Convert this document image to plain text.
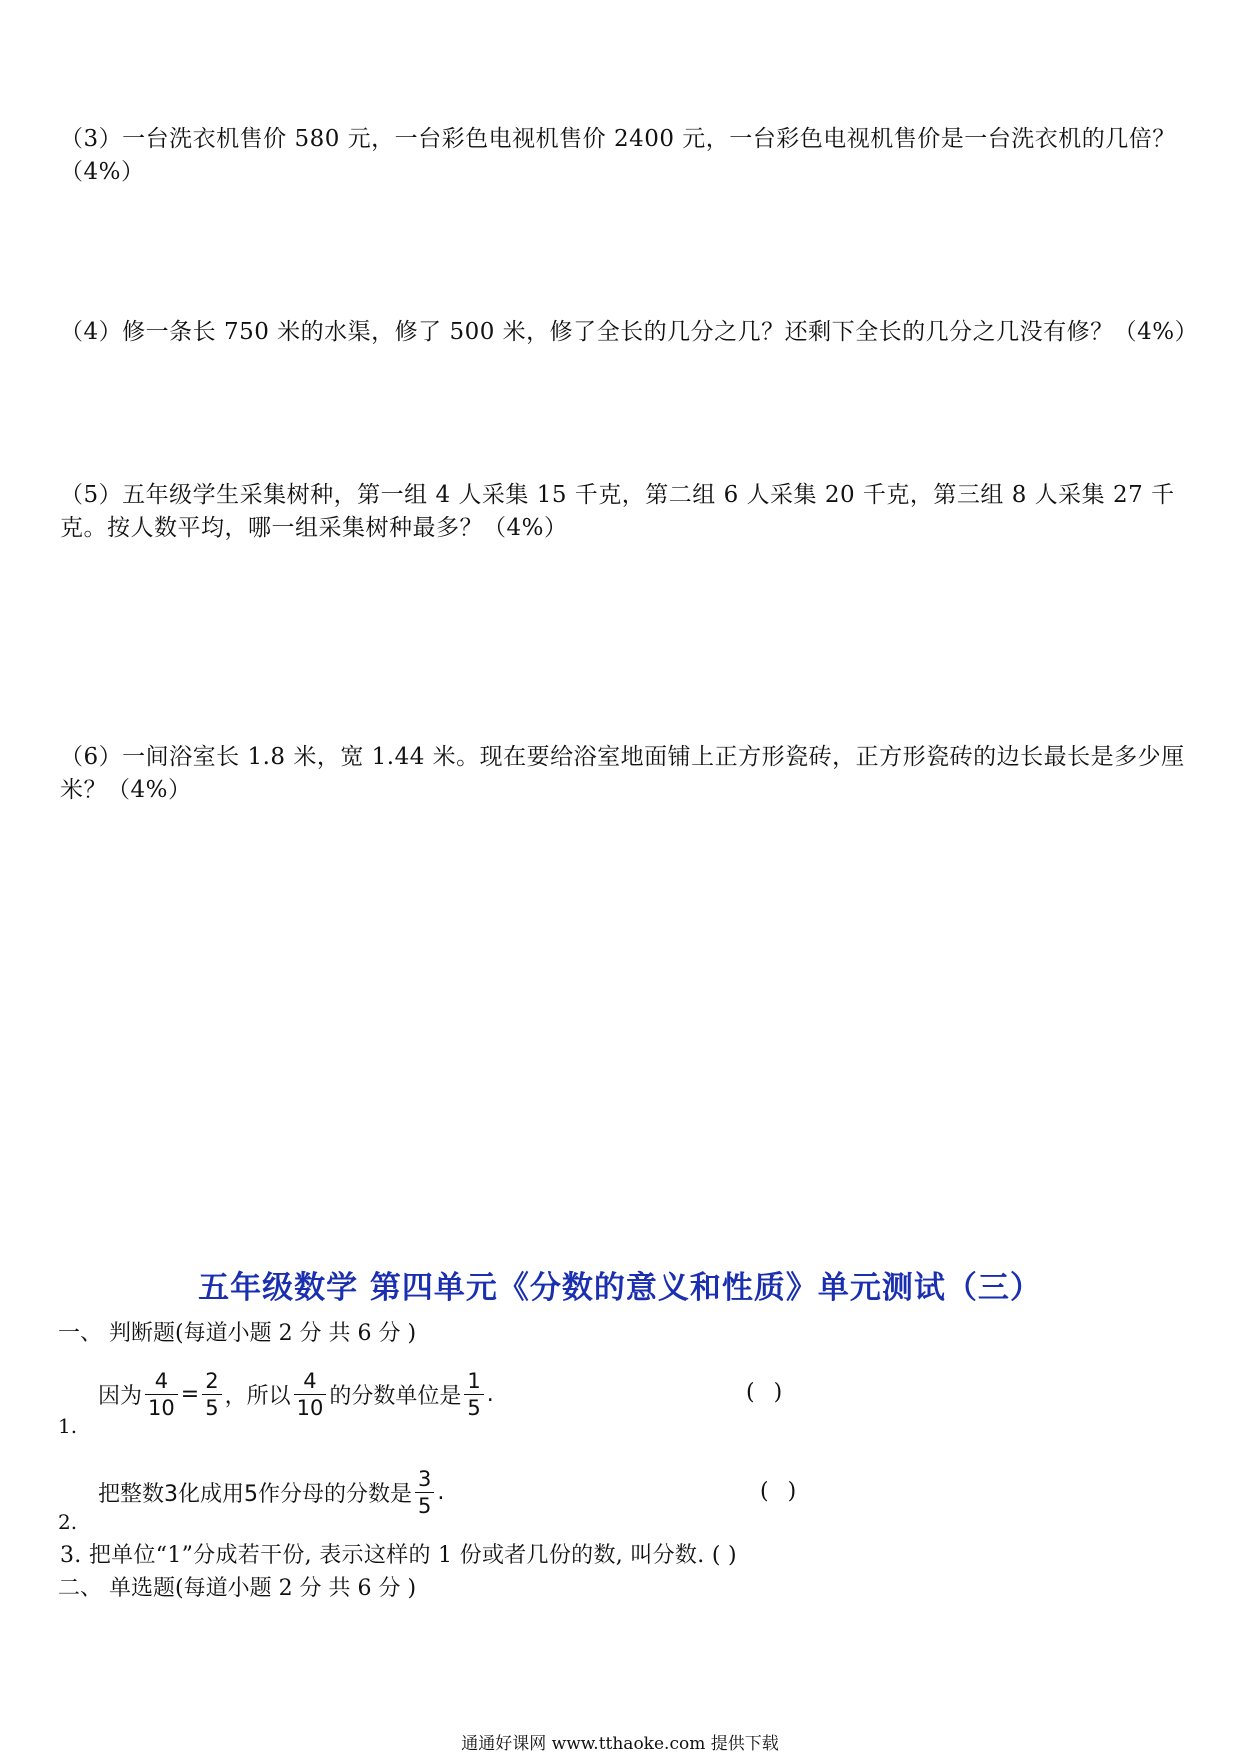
（3）一台洗衣机售价 580 元，一台彩色电视机售价 2400 元，一台彩色电视机售价是一台洗衣机的几倍？（4%）
（4）修一条长 750 米的水渠，修了 500 米，修了全长的几分之几？还剩下全长的几分之几没有修？（4%）
（5）五年级学生采集树种，第一组 4 人采集 15 千克，第二组 6 人采集 20 千克，第三组 8 人采集 27 千克。按人数平均，哪一组采集树种最多？（4%）
（6）一间浴室长 1.8 米，宽 1.44 米。现在要给浴室地面铺上正方形瓷砖，正方形瓷砖的边长最长是多少厘米？（4%）
五年级数学 第四单元《分数的意义和性质》单元测试（三）
一、 判断题(每道小题 2 分 共 6 分 )
因为 $\frac{4}{10} = \frac{2}{5}$ ，所以 $\frac{4}{10}$ 的分数单位是 $\frac{1}{5}$ .
1.
( )
把整数3化成用5作分母的分数是 $\frac{3}{5}$ .
2.
( )
3. 把单位“1”分成若干份, 表示这样的 1 份或者几份的数, 叫分数. ( )
二、 单选题(每道小题 2 分 共 6 分 )
通通好课网 www.tthaoke.com 提供下载
